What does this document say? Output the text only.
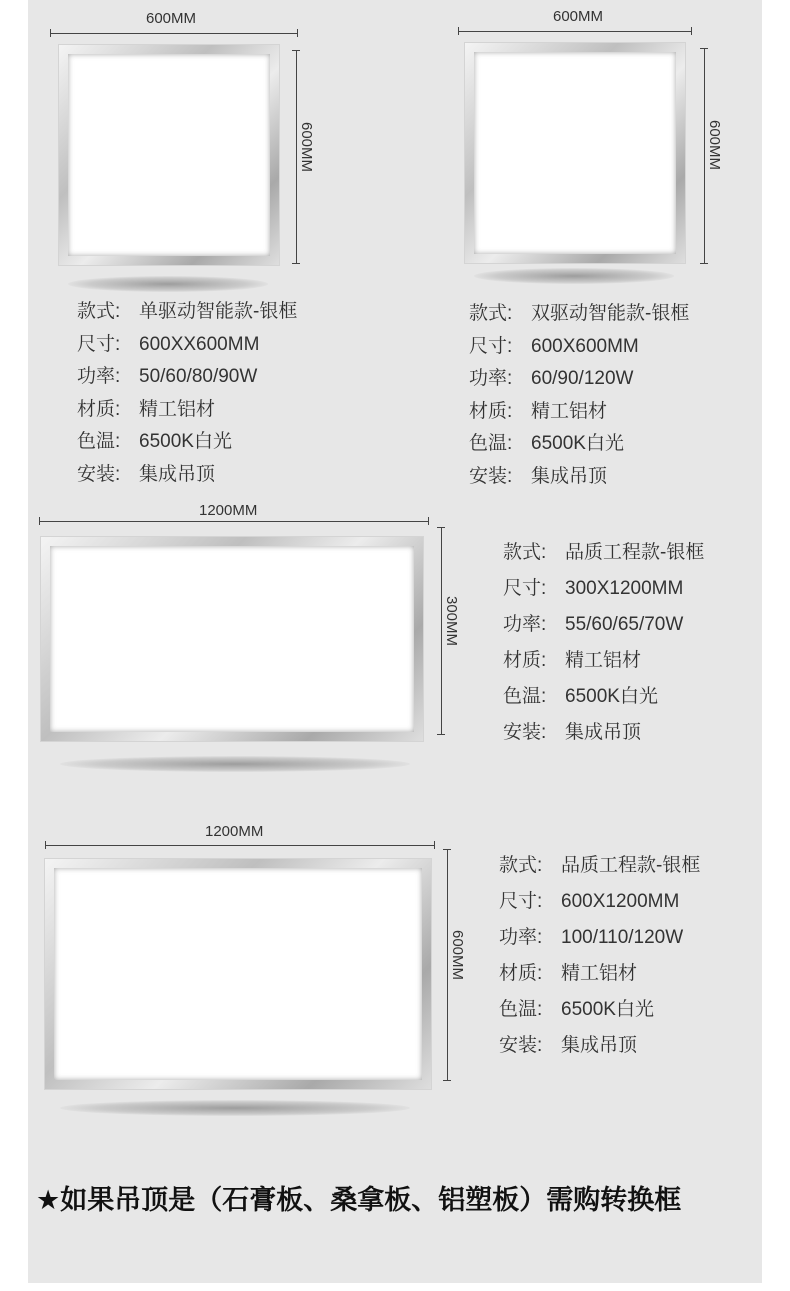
600MM
600MM
款式: 单驱动智能款-银框
尺寸: 600XX600MM
功率: 50/60/80/90W
材质: 精工铝材
色温: 6500K白光
安装: 集成吊顶
600MM
600MM
款式: 双驱动智能款-银框
尺寸: 600X600MM
功率: 60/90/120W
材质: 精工铝材
色温: 6500K白光
安装: 集成吊顶
1200MM
300MM
款式: 品质工程款-银框
尺寸: 300X1200MM
功率: 55/60/65/70W
材质: 精工铝材
色温: 6500K白光
安装: 集成吊顶
1200MM
600MM
款式: 品质工程款-银框
尺寸: 600X1200MM
功率: 100/110/120W
材质: 精工铝材
色温: 6500K白光
安装: 集成吊顶
★如果吊顶是（石膏板、桑拿板、铝塑板）需购转换框
